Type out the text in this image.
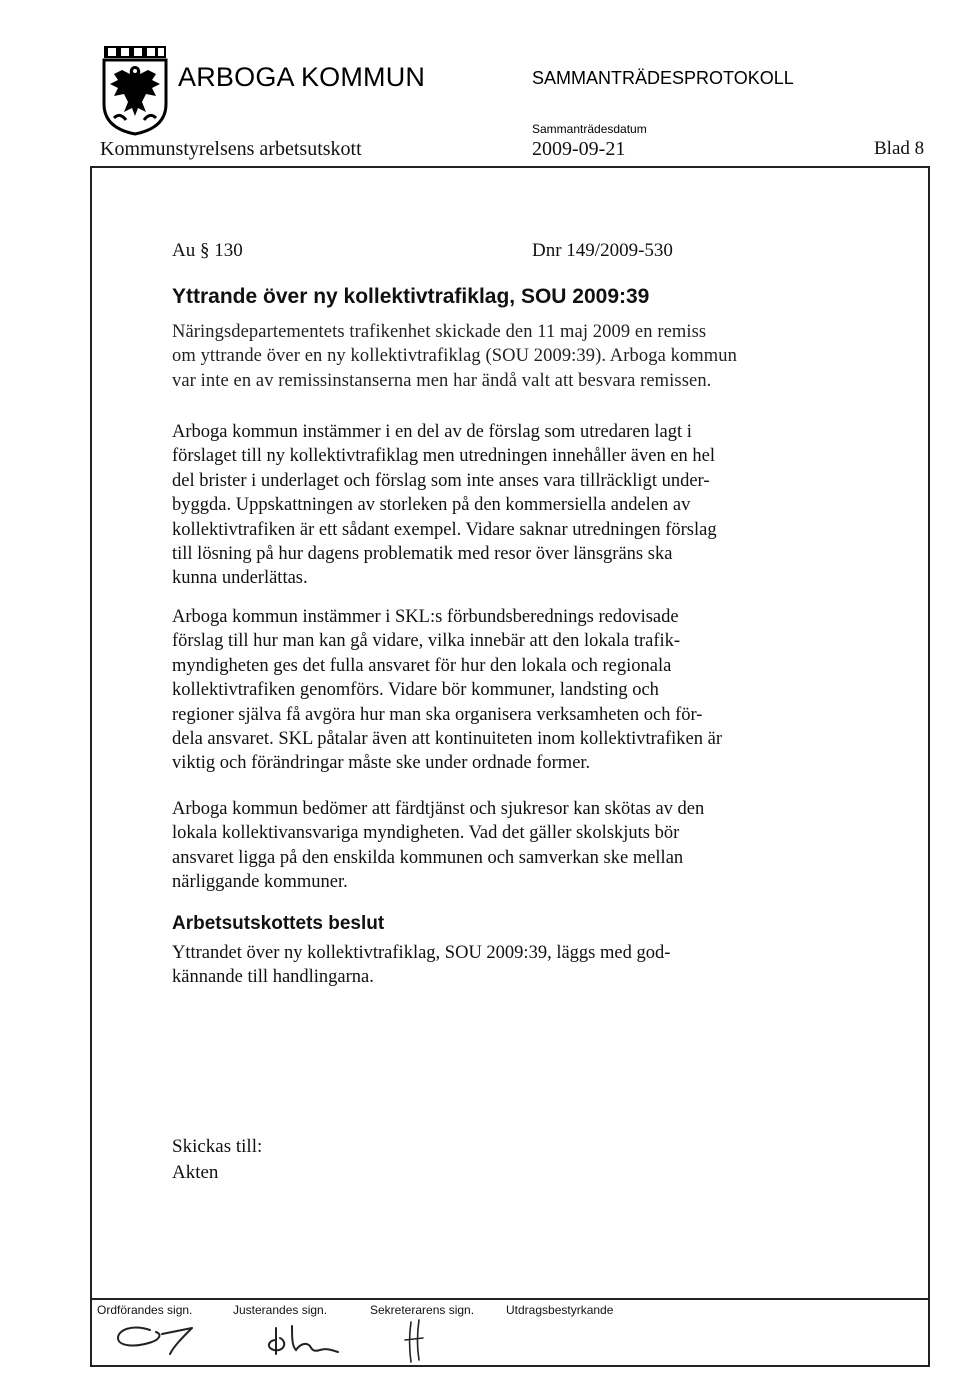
ARBOGA KOMMUN	SAMMANTRÄDESPROTOKOLL
Sammanträdesdatum
Kommunstyrelsens arbetsutskott	2009-09-21	Blad 8
Au § 130	Dnr 149/2009-530
Yttrande över ny kollektivtrafiklag, SOU 2009:39
Näringsdepartementets trafikenhet skickade den 11 maj 2009 en remiss
om yttrande över en ny kollektivtrafiklag (SOU 2009:39). Arboga kommun
var inte en av remissinstanserna men har ändå valt att besvara remissen.
Arboga kommun instämmer i en del av de förslag som utredaren lagt i
förslaget till ny kollektivtrafiklag men utredningen innehåller även en hel
del brister i underlaget och förslag som inte anses vara tillräckligt under-
byggda. Uppskattningen av storleken på den kommersiella andelen av
kollektivtrafiken är ett sådant exempel. Vidare saknar utredningen förslag
till lösning på hur dagens problematik med resor över länsgräns ska
kunna underlättas.
Arboga kommun instämmer i SKL:s förbundsberednings redovisade
förslag till hur man kan gå vidare, vilka innebär att den lokala trafik-
myndigheten ges det fulla ansvaret för hur den lokala och regionala
kollektivtrafiken genomförs. Vidare bör kommuner, landsting och
regioner själva få avgöra hur man ska organisera verksamheten och för-
dela ansvaret. SKL påtalar även att kontinuiteten inom kollektivtrafiken är
viktig och förändringar måste ske under ordnade former.
Arboga kommun bedömer att färdtjänst och sjukresor kan skötas av den
lokala kollektivansvariga myndigheten. Vad det gäller skolskjuts bör
ansvaret ligga på den enskilda kommunen och samverkan ske mellan
närliggande kommuner.
Arbetsutskottets beslut
Yttrandet över ny kollektivtrafiklag, SOU 2009:39, läggs med god-
kännande till handlingarna.
Skickas till:
Akten
Ordförandes sign.	Justerandes sign.	Sekreterarens sign.	Utdragsbestyrkande
